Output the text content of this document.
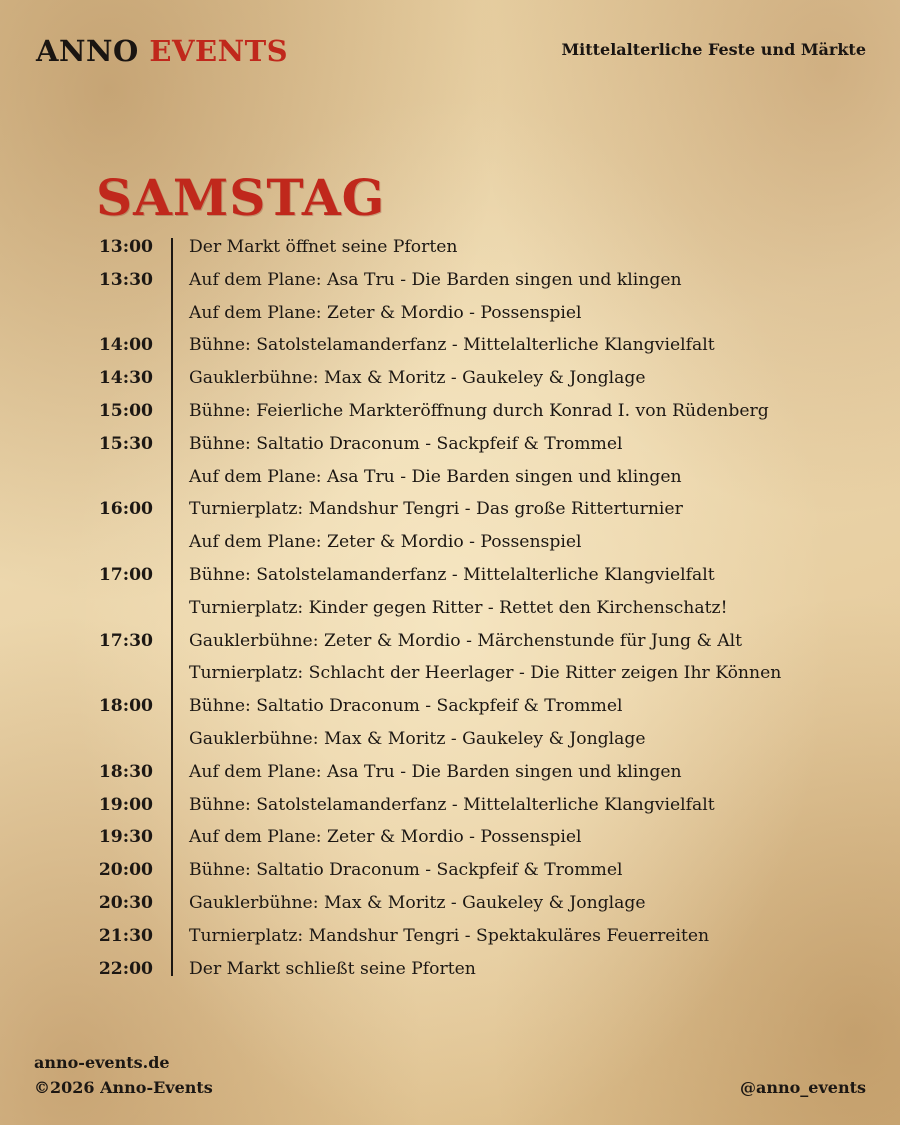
ANNO EVENTS	Mittelalterliche Feste und Märkte
SAMSTAG
13:00 Der Markt öffnet seine Pforten
13:30 Auf dem Plane: Asa Tru - Die Barden singen und klingen
Auf dem Plane: Zeter & Mordio - Possenspiel
14:00 Bühne: Satolstelamanderfanz - Mittelalterliche Klangvielfalt
14:30 Gauklerbühne: Max & Moritz - Gaukeley & Jonglage
15:00 Bühne: Feierliche Markteröffnung durch Konrad I. von Rüdenberg
15:30 Bühne: Saltatio Draconum - Sackpfeif & Trommel
Auf dem Plane: Asa Tru - Die Barden singen und klingen
16:00 Turnierplatz: Mandshur Tengri - Das große Ritterturnier
Auf dem Plane: Zeter & Mordio - Possenspiel
17:00 Bühne: Satolstelamanderfanz - Mittelalterliche Klangvielfalt
Turnierplatz: Kinder gegen Ritter - Rettet den Kirchenschatz!
17:30 Gauklerbühne: Zeter & Mordio - Märchenstunde für Jung & Alt
Turnierplatz: Schlacht der Heerlager - Die Ritter zeigen Ihr Können
18:00 Bühne: Saltatio Draconum - Sackpfeif & Trommel
Gauklerbühne: Max & Moritz - Gaukeley & Jonglage
18:30 Auf dem Plane: Asa Tru - Die Barden singen und klingen
19:00 Bühne: Satolstelamanderfanz - Mittelalterliche Klangvielfalt
19:30 Auf dem Plane: Zeter & Mordio - Possenspiel
20:00 Bühne: Saltatio Draconum - Sackpfeif & Trommel
20:30 Gauklerbühne: Max & Moritz - Gaukeley & Jonglage
21:30 Turnierplatz: Mandshur Tengri - Spektakuläres Feuerreiten
22:00 Der Markt schließt seine Pforten
anno-events.de
©2026 Anno-Events	@anno_events
